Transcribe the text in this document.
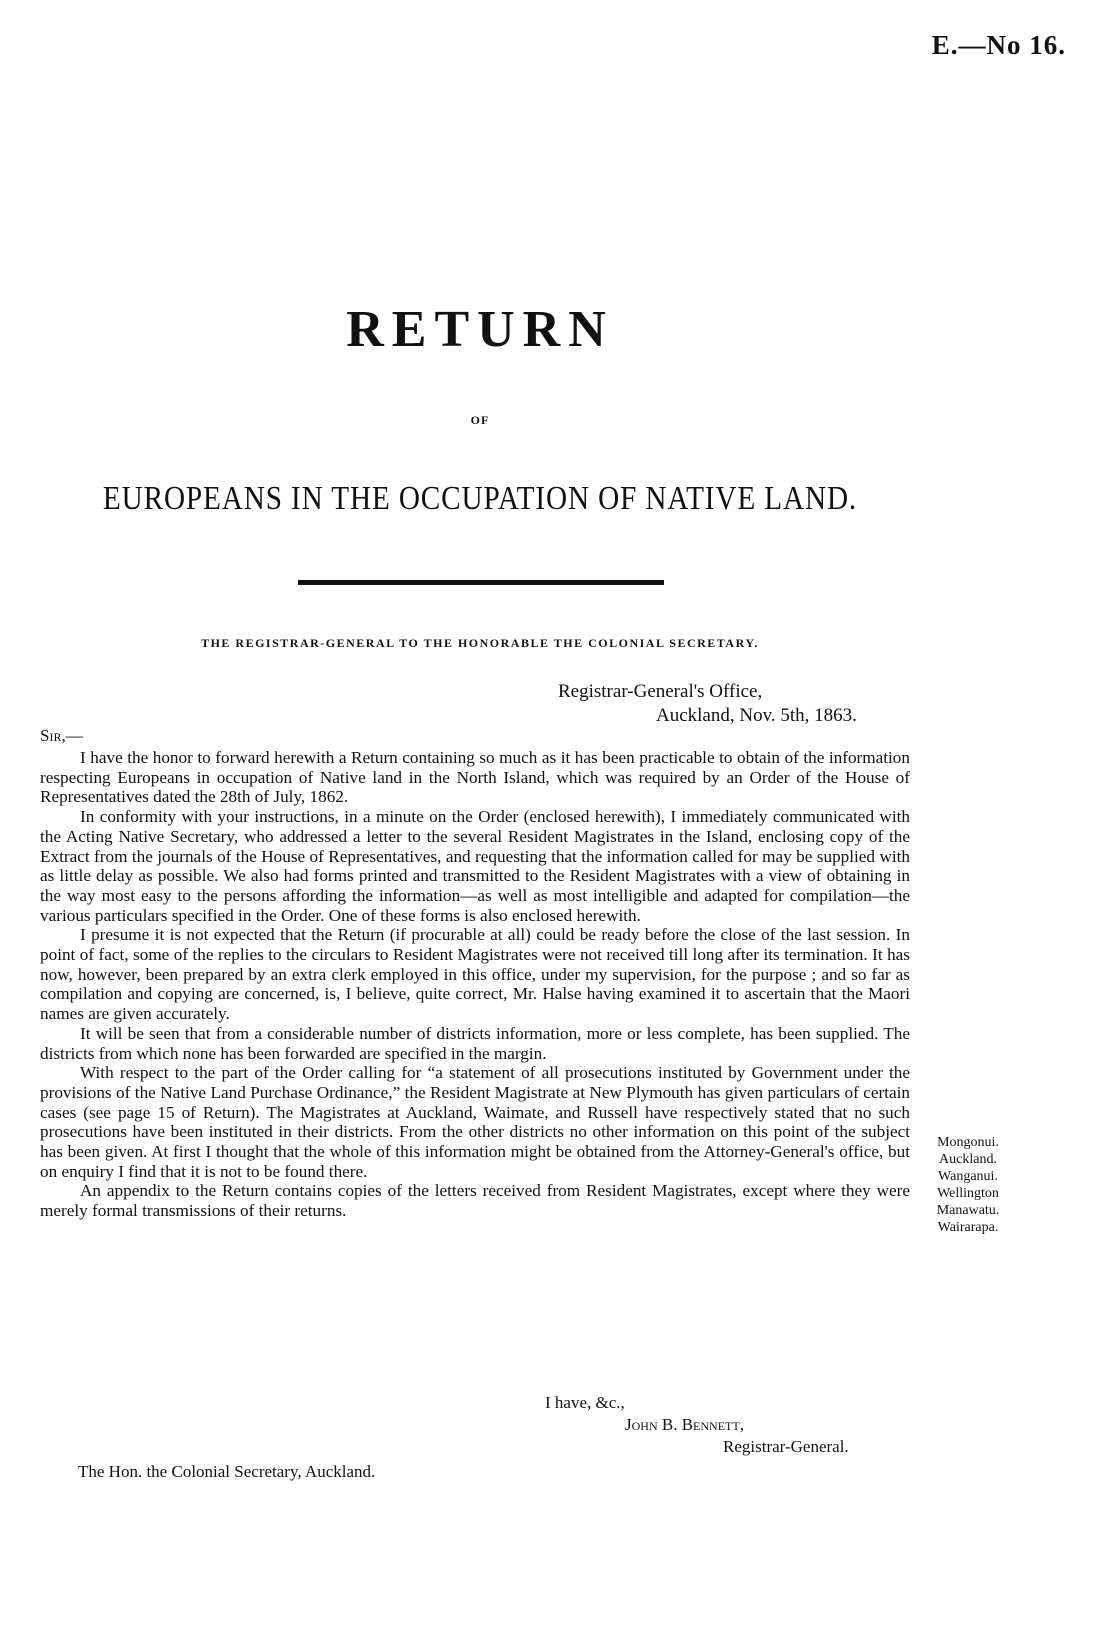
E.—No 16.
RETURN
OF
EUROPEANS IN THE OCCUPATION OF NATIVE LAND.
THE REGISTRAR-GENERAL TO THE HONORABLE THE COLONIAL SECRETARY.
Registrar-General's Office,
Auckland, Nov. 5th, 1863.
Sir,—

I have the honor to forward herewith a Return containing so much as it has been practicable to obtain of the information respecting Europeans in occupation of Native land in the North Island, which was required by an Order of the House of Representatives dated the 28th of July, 1862.

In conformity with your instructions, in a minute on the Order (enclosed herewith), I immediately communicated with the Acting Native Secretary, who addressed a letter to the several Resident Magistrates in the Island, enclosing copy of the Extract from the journals of the House of Representatives, and requesting that the information called for may be supplied with as little delay as possible. We also had forms printed and transmitted to the Resident Magistrates with a view of obtaining in the way most easy to the persons affording the information—as well as most intelligible and adapted for compilation—the various particulars specified in the Order. One of these forms is also enclosed herewith.

I presume it is not expected that the Return (if procurable at all) could be ready before the close of the last session. In point of fact, some of the replies to the circulars to Resident Magistrates were not received till long after its termination. It has now, however, been prepared by an extra clerk employed in this office, under my supervision, for the purpose ; and so far as compilation and copying are concerned, is, I believe, quite correct, Mr. Halse having examined it to ascertain that the Maori names are given accurately.

It will be seen that from a considerable number of districts information, more or less complete, has been supplied. The districts from which none has been forwarded are specified in the margin.

With respect to the part of the Order calling for “a statement of all prosecutions instituted by Government under the provisions of the Native Land Purchase Ordinance,” the Resident Magistrate at New Plymouth has given particulars of certain cases (see page 15 of Return). The Magistrates at Auckland, Waimate, and Russell have respectively stated that no such prosecutions have been instituted in their districts. From the other districts no other information on this point of the subject has been given. At first I thought that the whole of this information might be obtained from the Attorney-General's office, but on enquiry I find that it is not to be found there.

An appendix to the Return contains copies of the letters received from Resident Magistrates, except where they were merely formal transmissions of their returns.

Mongonui.
Auckland.
Wanganui.
Wellington
Manawatu.
Wairarapa.
I have, &c.,
John B. Bennett,
Registrar-General.
The Hon. the Colonial Secretary, Auckland.
